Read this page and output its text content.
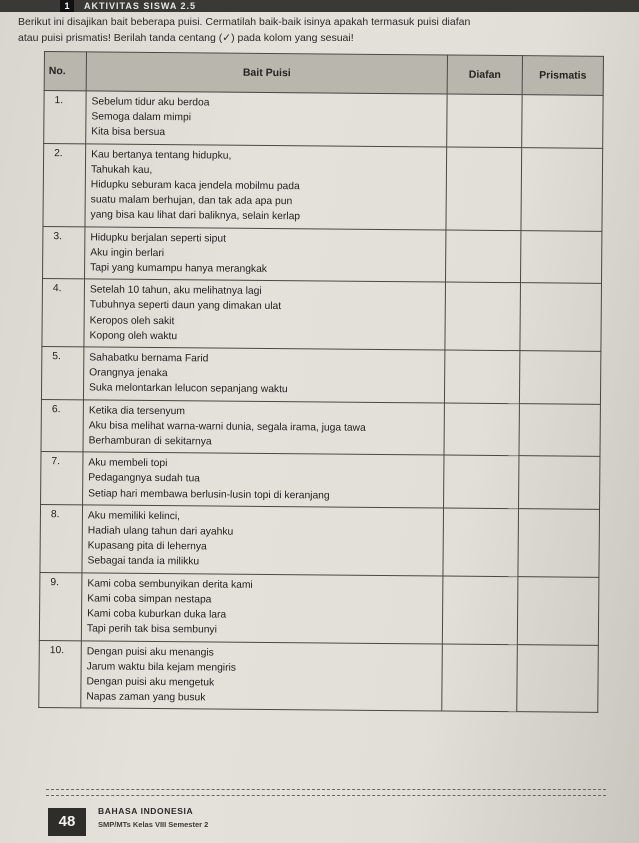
1	AKTIVITAS SISWA 2.5

Berikut ini disajikan bait beberapa puisi. Cermatilah baik-baik isinya apakah termasuk puisi diafan

atau puisi prismatis! Berilah tanda centang (✓) pada kolom yang sesuai!

No.	Bait Puisi	Diafan	Prismatis
1.	Sebelum tidur aku berdoa
Semoga dalam mimpi
Kita bisa bersua		

2.	Kau bertanya tentang hidupku,
Tahukah kau,
Hidupku seburam kaca jendela mobilmu pada
suatu malam berhujan, dan tak ada apa pun
yang bisa kau lihat dari baliknya, selain kerlap		

3.	Hidupku berjalan seperti siput
Aku ingin berlari
Tapi yang kumampu hanya merangkak		

4.	Setelah 10 tahun, aku melihatnya lagi
Tubuhnya seperti daun yang dimakan ulat
Keropos oleh sakit
Kopong oleh waktu		

5.	Sahabatku bernama Farid
Orangnya jenaka
Suka melontarkan lelucon sepanjang waktu		

6.	Ketika dia tersenyum
Aku bisa melihat warna-warni dunia, segala irama, juga tawa
Berhamburan di sekitarnya		

7.	Aku membeli topi
Pedagangnya sudah tua
Setiap hari membawa berlusin-lusin topi di keranjang		

8.	Aku memiliki kelinci,
Hadiah ulang tahun dari ayahku
Kupasang pita di lehernya
Sebagai tanda ia milikku		

9.	Kami coba sembunyikan derita kami
Kami coba simpan nestapa
Kami coba kuburkan duka lara
Tapi perih tak bisa sembunyi		

10.	Dengan puisi aku menangis
Jarum waktu bila kejam mengiris
Dengan puisi aku mengetuk
Napas zaman yang busuk		

48
BAHASA INDONESIA
SMP/MTs Kelas VIII Semester 2
